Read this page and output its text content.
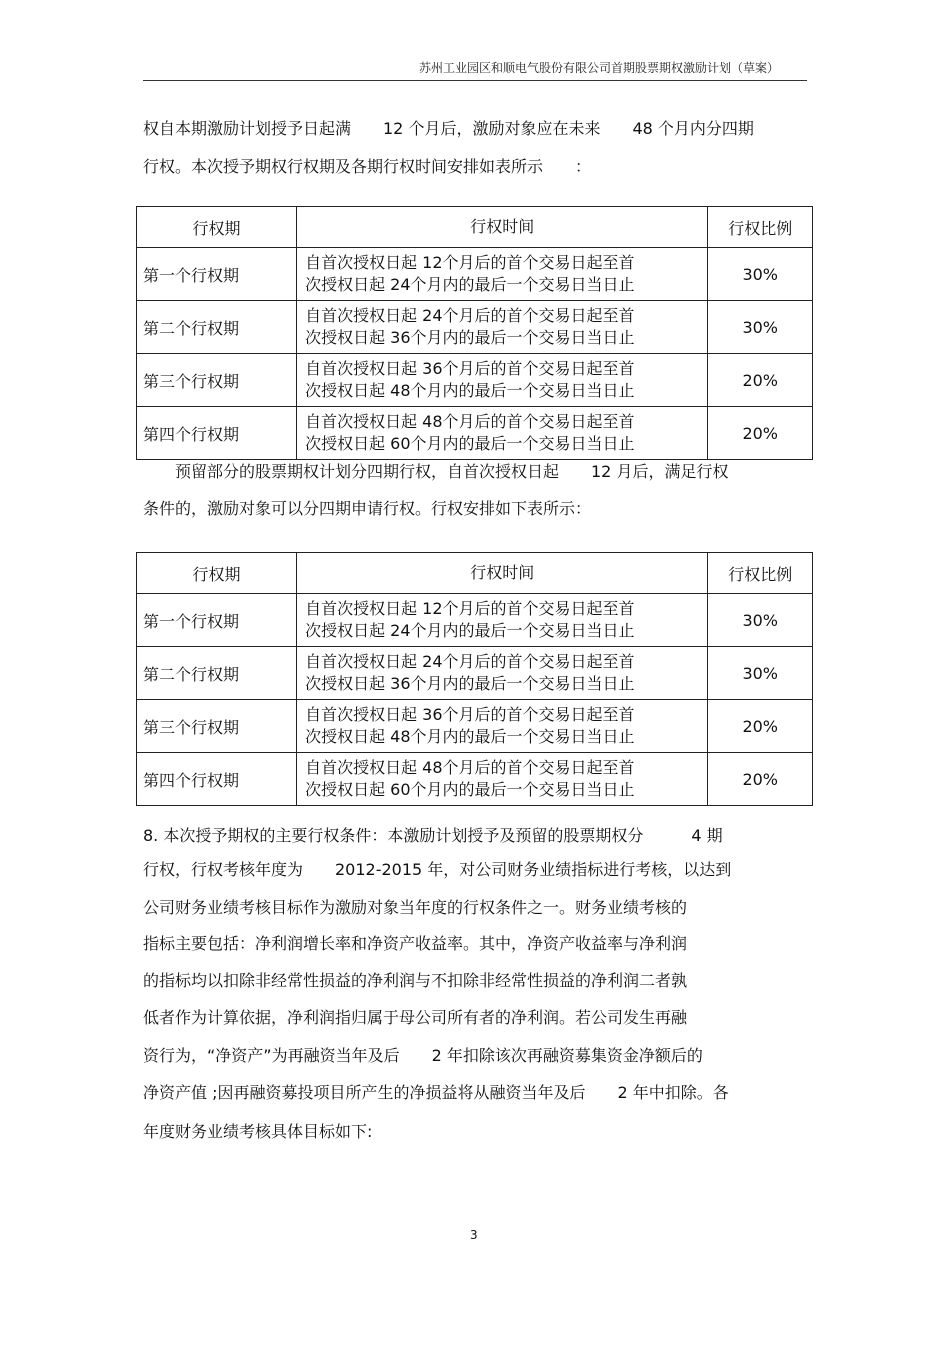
苏州工业园区和顺电气股份有限公司首期股票期权激励计划（草案）
权自本期激励计划授予日起满　　12 个月后，激励对象应在未来　　48 个月内分四期
行权。本次授予期权行权期及各期行权时间安排如表所示　　：
行权期	行权时间	行权比例
第一个行权期	自首次授权日起 12个月后的首个交易日起至首
次授权日起 24个月内的最后一个交易日当日止	30%
第二个行权期	自首次授权日起 24个月后的首个交易日起至首
次授权日起 36个月内的最后一个交易日当日止	30%
第三个行权期	自首次授权日起 36个月后的首个交易日起至首
次授权日起 48个月内的最后一个交易日当日止	20%
第四个行权期	自首次授权日起 48个月后的首个交易日起至首
次授权日起 60个月内的最后一个交易日当日止	20%
　　预留部分的股票期权计划分四期行权，自首次授权日起　　12 月后，满足行权
条件的，激励对象可以分四期申请行权。行权安排如下表所示：
行权期	行权时间	行权比例
第一个行权期	自首次授权日起 12个月后的首个交易日起至首
次授权日起 24个月内的最后一个交易日当日止	30%
第二个行权期	自首次授权日起 24个月后的首个交易日起至首
次授权日起 36个月内的最后一个交易日当日止	30%
第三个行权期	自首次授权日起 36个月后的首个交易日起至首
次授权日起 48个月内的最后一个交易日当日止	20%
第四个行权期	自首次授权日起 48个月后的首个交易日起至首
次授权日起 60个月内的最后一个交易日当日止	20%
8. 本次授予期权的主要行权条件：本激励计划授予及预留的股票期权分　　　4 期
行权，行权考核年度为　　2012-2015 年，对公司财务业绩指标进行考核，以达到
公司财务业绩考核目标作为激励对象当年度的行权条件之一。财务业绩考核的
指标主要包括：净利润增长率和净资产收益率。其中，净资产收益率与净利润
的指标均以扣除非经常性损益的净利润与不扣除非经常性损益的净利润二者孰
低者作为计算依据，净利润指归属于母公司所有者的净利润。若公司发生再融
资行为，“净资产”为再融资当年及后　　2 年扣除该次再融资募集资金净额后的
净资产值 ;因再融资募投项目所产生的净损益将从融资当年及后　　2 年中扣除。各
年度财务业绩考核具体目标如下:
3
